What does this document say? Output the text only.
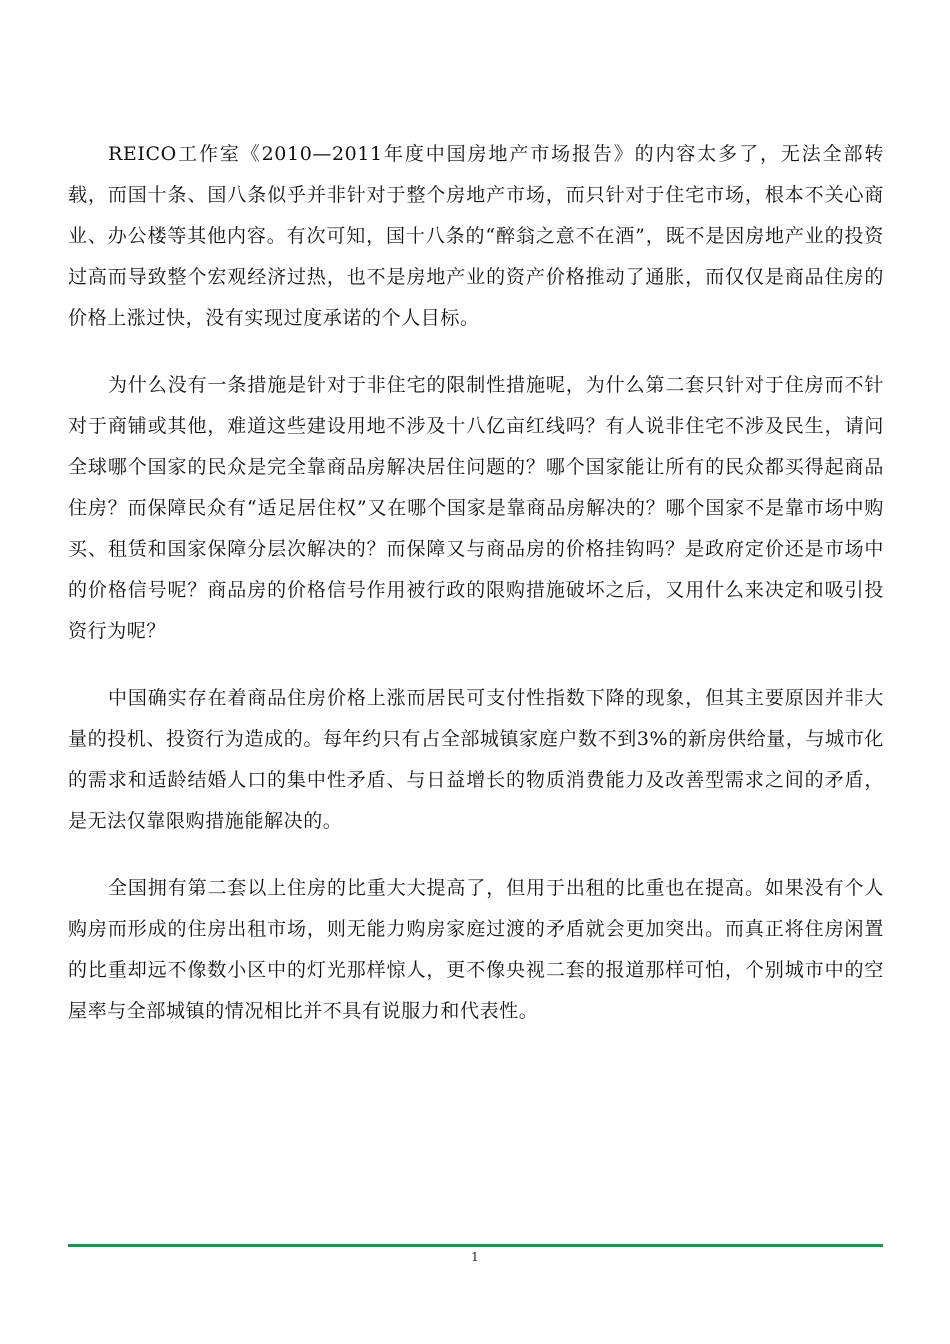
REICO工作室《2010—2011年度中国房地产市场报告》的内容太多了，无法全部转载，而国十条、国八条似乎并非针对于整个房地产市场，而只针对于住宅市场，根本不关心商业、办公楼等其他内容。有次可知，国十八条的“醉翁之意不在酒”，既不是因房地产业的投资过高而导致整个宏观经济过热，也不是房地产业的资产价格推动了通胀，而仅仅是商品住房的价格上涨过快，没有实现过度承诺的个人目标。

为什么没有一条措施是针对于非住宅的限制性措施呢，为什么第二套只针对于住房而不针对于商铺或其他，难道这些建设用地不涉及十八亿亩红线吗？有人说非住宅不涉及民生，请问全球哪个国家的民众是完全靠商品房解决居住问题的？哪个国家能让所有的民众都买得起商品住房？而保障民众有“适足居住权”又在哪个国家是靠商品房解决的？哪个国家不是靠市场中购买、租赁和国家保障分层次解决的？而保障又与商品房的价格挂钩吗？是政府定价还是市场中的价格信号呢？商品房的价格信号作用被行政的限购措施破坏之后，又用什么来决定和吸引投资行为呢？

中国确实存在着商品住房价格上涨而居民可支付性指数下降的现象，但其主要原因并非大量的投机、投资行为造成的。每年约只有占全部城镇家庭户数不到3%的新房供给量，与城市化的需求和适龄结婚人口的集中性矛盾、与日益增长的物质消费能力及改善型需求之间的矛盾，是无法仅靠限购措施能解决的。

全国拥有第二套以上住房的比重大大提高了，但用于出租的比重也在提高。如果没有个人购房而形成的住房出租市场，则无能力购房家庭过渡的矛盾就会更加突出。而真正将住房闲置的比重却远不像数小区中的灯光那样惊人，更不像央视二套的报道那样可怕，个别城市中的空屋率与全部城镇的情况相比并不具有说服力和代表性。

1
